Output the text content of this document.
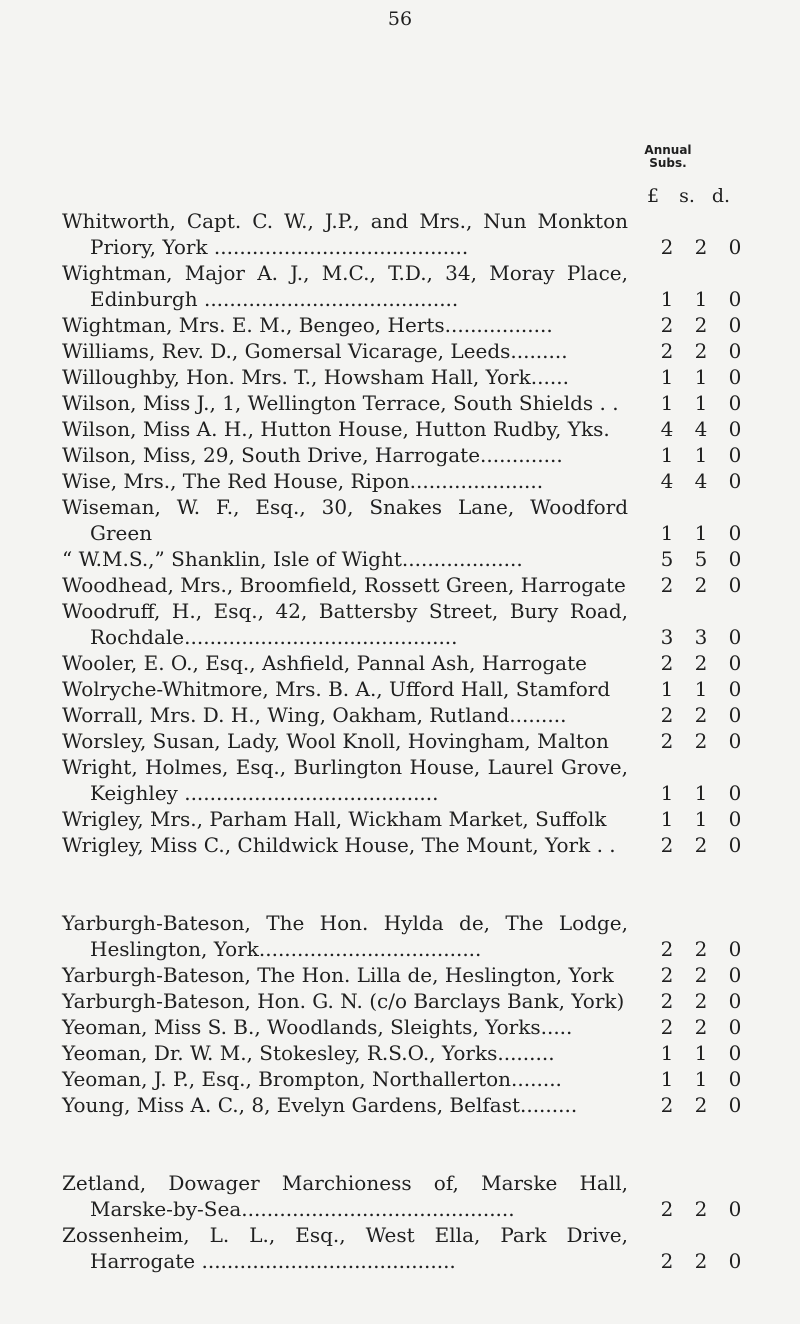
56
Annual
Subs.
£	s. d.
Whitworth, Capt. C. W., J.P., and Mrs., Nun Monkton Priory, York ........................................	2	2	0
Wightman, Major A. J., M.C., T.D., 34, Moray Place, Edinburgh ........................................	1	1	0
Wightman, Mrs. E. M., Bengeo, Herts.................	2	2	0
Williams, Rev. D., Gomersal Vicarage, Leeds.........	2	2	0
Willoughby, Hon. Mrs. T., Howsham Hall, York......	1	1	0
Wilson, Miss J., 1, Wellington Terrace, South Shields . .	1	1	0
Wilson, Miss A. H., Hutton House, Hutton Rudby, Yks.	4	4	0
Wilson, Miss, 29, South Drive, Harrogate.............	1	1	0
Wise, Mrs., The Red House, Ripon.....................	4	4	0
Wiseman, W. F., Esq., 30, Snakes Lane, Woodford Green	1	1	0
“ W.M.S.,” Shanklin, Isle of Wight...................	5	5	0
Woodhead, Mrs., Broomfield, Rossett Green, Harrogate	2	2	0
Woodruff, H., Esq., 42, Battersby Street, Bury Road, Rochdale...........................................	3	3	0
Wooler, E. O., Esq., Ashfield, Pannal Ash, Harrogate	2	2	0
Wolryche-Whitmore, Mrs. B. A., Ufford Hall, Stamford	1	1	0
Worrall, Mrs. D. H., Wing, Oakham, Rutland.........	2	2	0
Worsley, Susan, Lady, Wool Knoll, Hovingham, Malton	2	2	0
Wright, Holmes, Esq., Burlington House, Laurel Grove, Keighley ........................................	1	1	0
Wrigley, Mrs., Parham Hall, Wickham Market, Suffolk	1	1	0
Wrigley, Miss C., Childwick House, The Mount, York . .	2	2	0
Yarburgh-Bateson, The Hon. Hylda de, The Lodge, Heslington, York...................................	2	2	0
Yarburgh-Bateson, The Hon. Lilla de, Heslington, York	2	2	0
Yarburgh-Bateson, Hon. G. N. (c/o Barclays Bank, York)	2	2	0
Yeoman, Miss S. B., Woodlands, Sleights, Yorks.....	2	2	0
Yeoman, Dr. W. M., Stokesley, R.S.O., Yorks.........	1	1	0
Yeoman, J. P., Esq., Brompton, Northallerton........	1	1	0
Young, Miss A. C., 8, Evelyn Gardens, Belfast.........	2	2	0
Zetland, Dowager Marchioness of, Marske Hall, Marske-by-Sea...........................................	2	2	0
Zossenheim, L. L., Esq., West Ella, Park Drive, Harrogate ........................................	2	2	0
